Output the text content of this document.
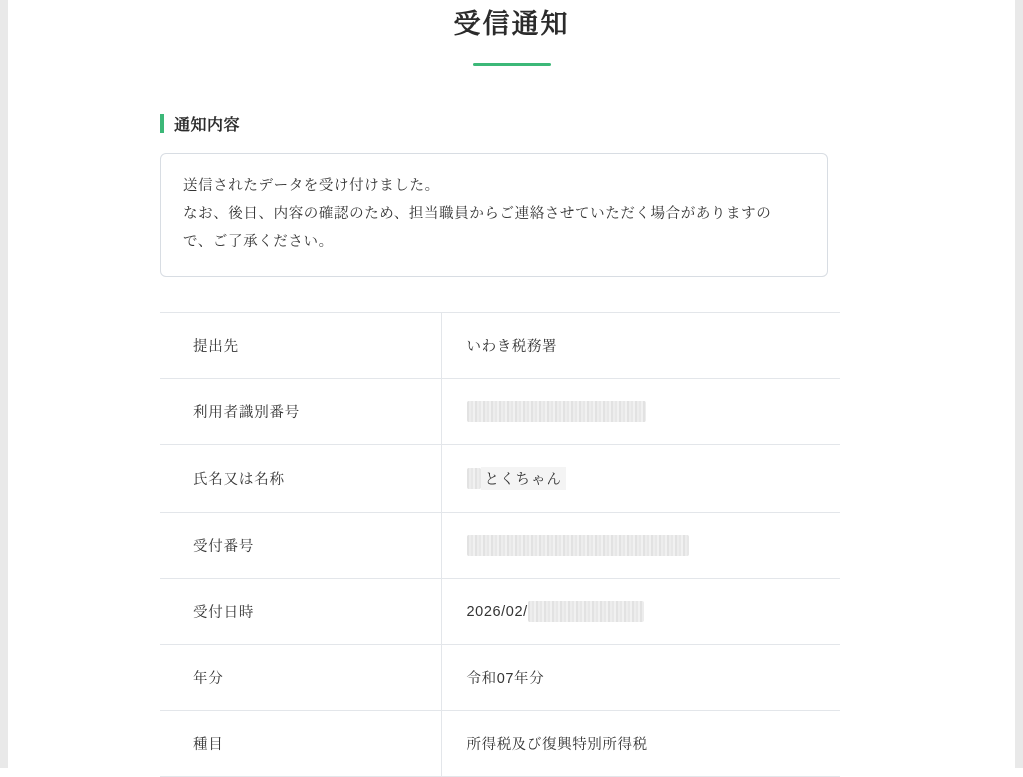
受信通知
通知内容
送信されたデータを受け付けました。
なお、後日、内容の確認のため、担当職員からご連絡させていただく場合がありますの
で、ご了承ください。
提出先	いわき税務署
利用者識別番号	
氏名又は名称	とくちゃん

受付番号	
受付日時	2026/02/

年分	令和07年分
種目	所得税及び復興特別所得税
